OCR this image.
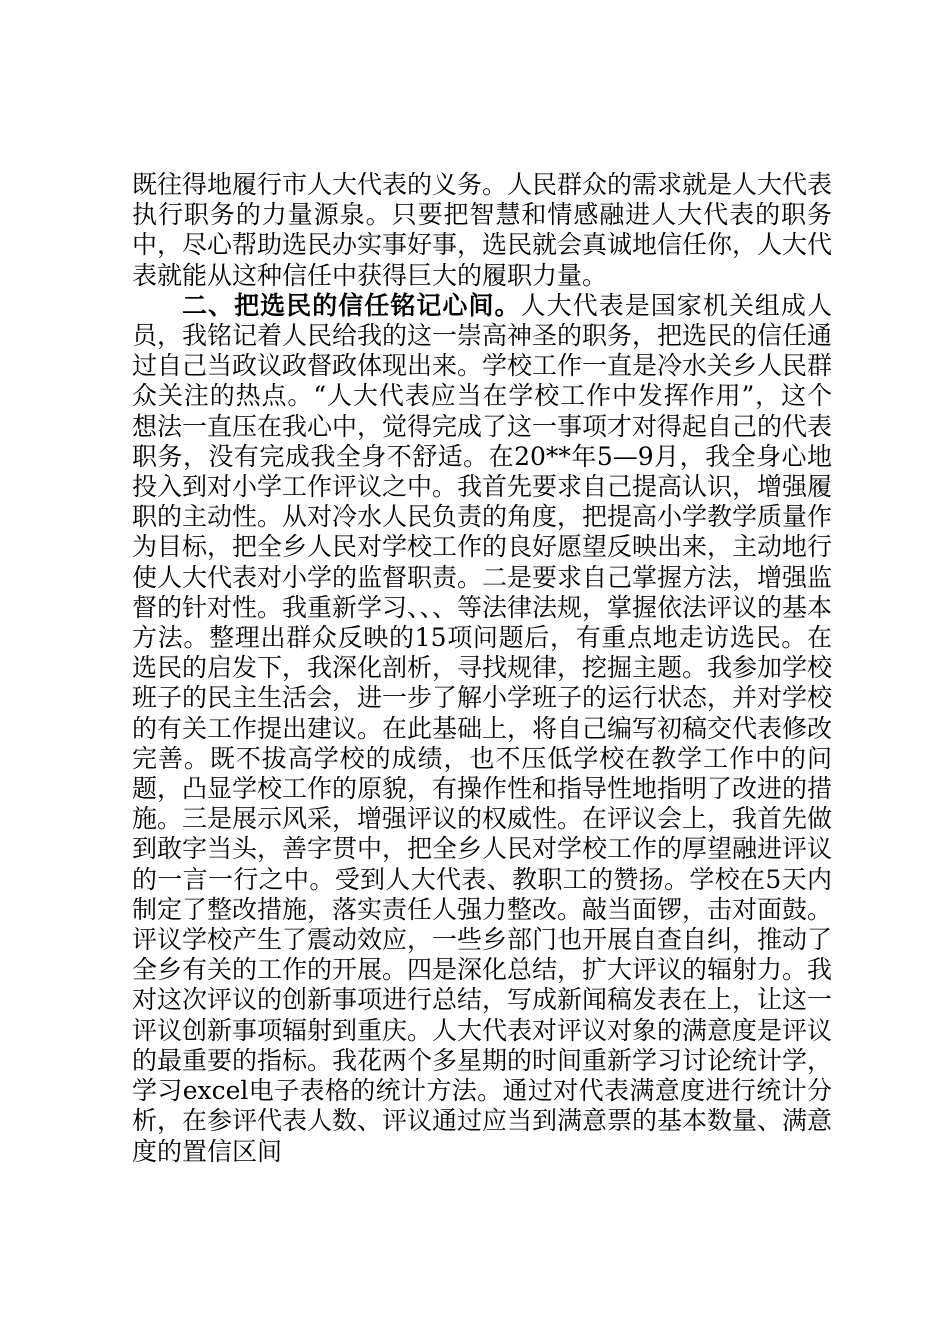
既往得地履行市人大代表的义务。人民群众的需求就是人大代表执行职务的力量源泉。只要把智慧和情感融进人大代表的职务中，尽心帮助选民办实事好事，选民就会真诚地信任你，人大代表就能从这种信任中获得巨大的履职力量。

二、把选民的信任铭记心间。人大代表是国家机关组成人员，我铭记着人民给我的这一崇高神圣的职务，把选民的信任通过自己当政议政督政体现出来。学校工作一直是冷水关乡人民群众关注的热点。“人大代表应当在学校工作中发挥作用”，这个想法一直压在我心中，觉得完成了这一事项才对得起自己的代表职务，没有完成我全身不舒适。在20**年5—9月，我全身心地投入到对小学工作评议之中。我首先要求自己提高认识，增强履职的主动性。从对冷水人民负责的角度，把提高小学教学质量作为目标，把全乡人民对学校工作的良好愿望反映出来，主动地行使人大代表对小学的监督职责。二是要求自己掌握方法，增强监督的针对性。我重新学习、、、等法律法规，掌握依法评议的基本方法。整理出群众反映的15项问题后，有重点地走访选民。在选民的启发下，我深化剖析，寻找规律，挖掘主题。我参加学校班子的民主生活会，进一步了解小学班子的运行状态，并对学校的有关工作提出建议。在此基础上，将自己编写初稿交代表修改完善。既不拔高学校的成绩，也不压低学校在教学工作中的问题，凸显学校工作的原貌，有操作性和指导性地指明了改进的措施。三是展示风采，增强评议的权威性。在评议会上，我首先做到敢字当头，善字贯中，把全乡人民对学校工作的厚望融进评议的一言一行之中。受到人大代表、教职工的赞扬。学校在5天内制定了整改措施，落实责任人强力整改。敲当面锣，击对面鼓。评议学校产生了震动效应，一些乡部门也开展自查自纠，推动了全乡有关的工作的开展。四是深化总结，扩大评议的辐射力。我对这次评议的创新事项进行总结，写成新闻稿发表在上，让这一评议创新事项辐射到重庆。人大代表对评议对象的满意度是评议的最重要的指标。我花两个多星期的时间重新学习讨论统计学，学习excel电子表格的统计方法。通过对代表满意度进行统计分析，在参评代表人数、评议通过应当到满意票的基本数量、满意度的置信区间
